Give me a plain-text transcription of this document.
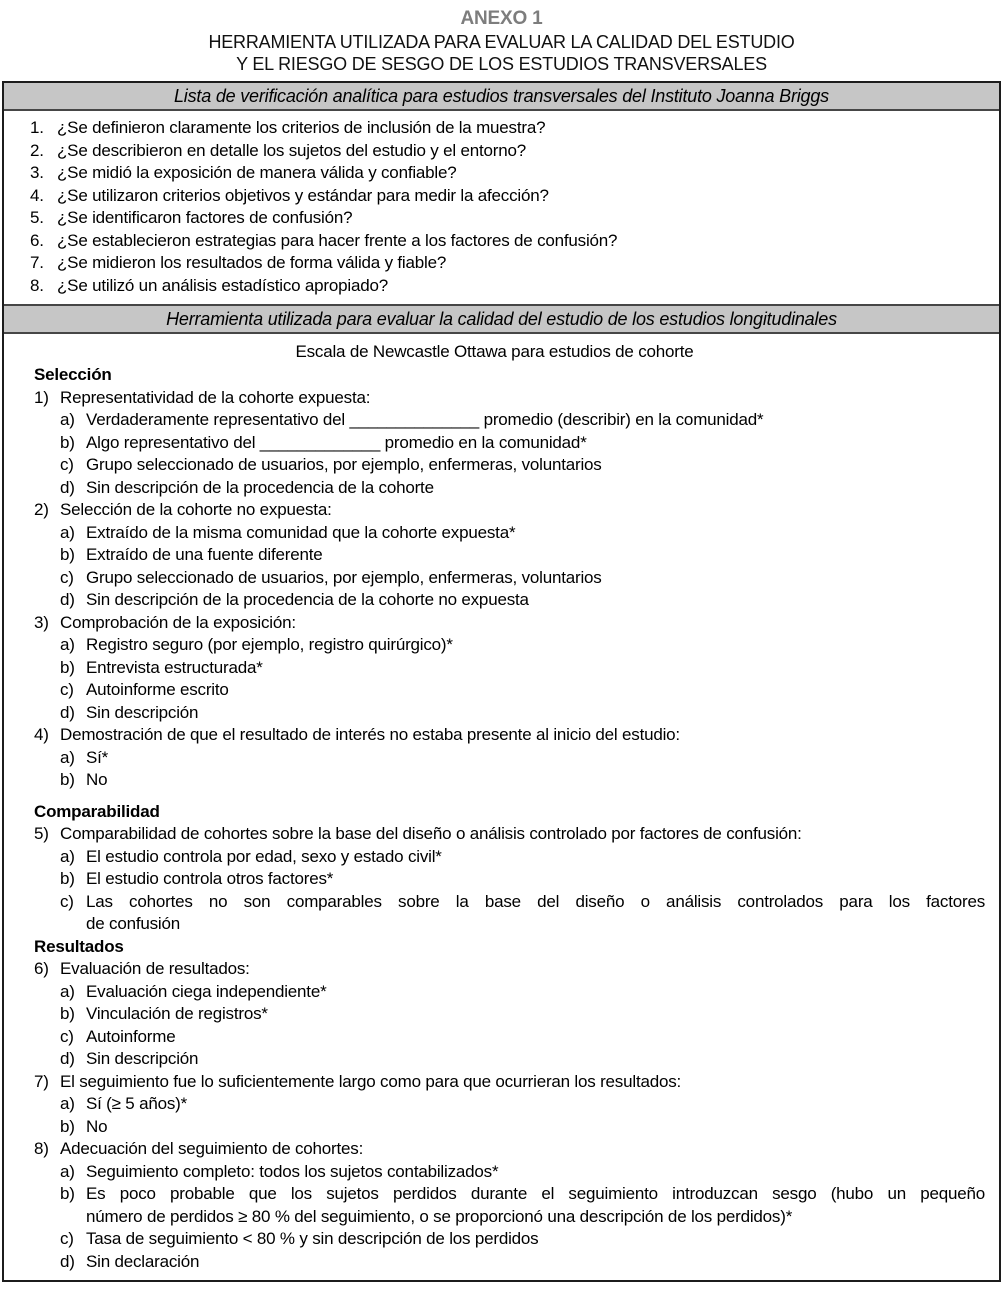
ANEXO 1
HERRAMIENTA UTILIZADA PARA EVALUAR LA CALIDAD DEL ESTUDIO
Y EL RIESGO DE SESGO DE LOS ESTUDIOS TRANSVERSALES
Lista de verificación analítica para estudios transversales del Instituto Joanna Briggs
1. ¿Se definieron claramente los criterios de inclusión de la muestra?
2. ¿Se describieron en detalle los sujetos del estudio y el entorno?
3. ¿Se midió la exposición de manera válida y confiable?
4. ¿Se utilizaron criterios objetivos y estándar para medir la afección?
5. ¿Se identificaron factores de confusión?
6. ¿Se establecieron estrategias para hacer frente a los factores de confusión?
7. ¿Se midieron los resultados de forma válida y fiable?
8. ¿Se utilizó un análisis estadístico apropiado?
Herramienta utilizada para evaluar la calidad del estudio de los estudios longitudinales
Escala de Newcastle Ottawa para estudios de cohorte
Selección
1) Representatividad de la cohorte expuesta:
a) Verdaderamente representativo del ______________ promedio (describir) en la comunidad*
b) Algo representativo del _____________ promedio en la comunidad*
c) Grupo seleccionado de usuarios, por ejemplo, enfermeras, voluntarios
d) Sin descripción de la procedencia de la cohorte
2) Selección de la cohorte no expuesta:
a) Extraído de la misma comunidad que la cohorte expuesta*
b) Extraído de una fuente diferente
c) Grupo seleccionado de usuarios, por ejemplo, enfermeras, voluntarios
d) Sin descripción de la procedencia de la cohorte no expuesta
3) Comprobación de la exposición:
a) Registro seguro (por ejemplo, registro quirúrgico)*
b) Entrevista estructurada*
c) Autoinforme escrito
d) Sin descripción
4) Demostración de que el resultado de interés no estaba presente al inicio del estudio:
a) Sí*
b) No
Comparabilidad
5) Comparabilidad de cohortes sobre la base del diseño o análisis controlado por factores de confusión:
a) El estudio controla por edad, sexo y estado civil*
b) El estudio controla otros factores*
c) Las cohortes no son comparables sobre la base del diseño o análisis controlados para los factores
de confusión
Resultados
6) Evaluación de resultados:
a) Evaluación ciega independiente*
b) Vinculación de registros*
c) Autoinforme
d) Sin descripción
7) El seguimiento fue lo suficientemente largo como para que ocurrieran los resultados:
a) Sí (≥ 5 años)*
b) No
8) Adecuación del seguimiento de cohortes:
a) Seguimiento completo: todos los sujetos contabilizados*
b) Es poco probable que los sujetos perdidos durante el seguimiento introduzcan sesgo (hubo un pequeño
número de perdidos ≥ 80 % del seguimiento, o se proporcionó una descripción de los perdidos)*
c) Tasa de seguimiento < 80 % y sin descripción de los perdidos
d) Sin declaración
